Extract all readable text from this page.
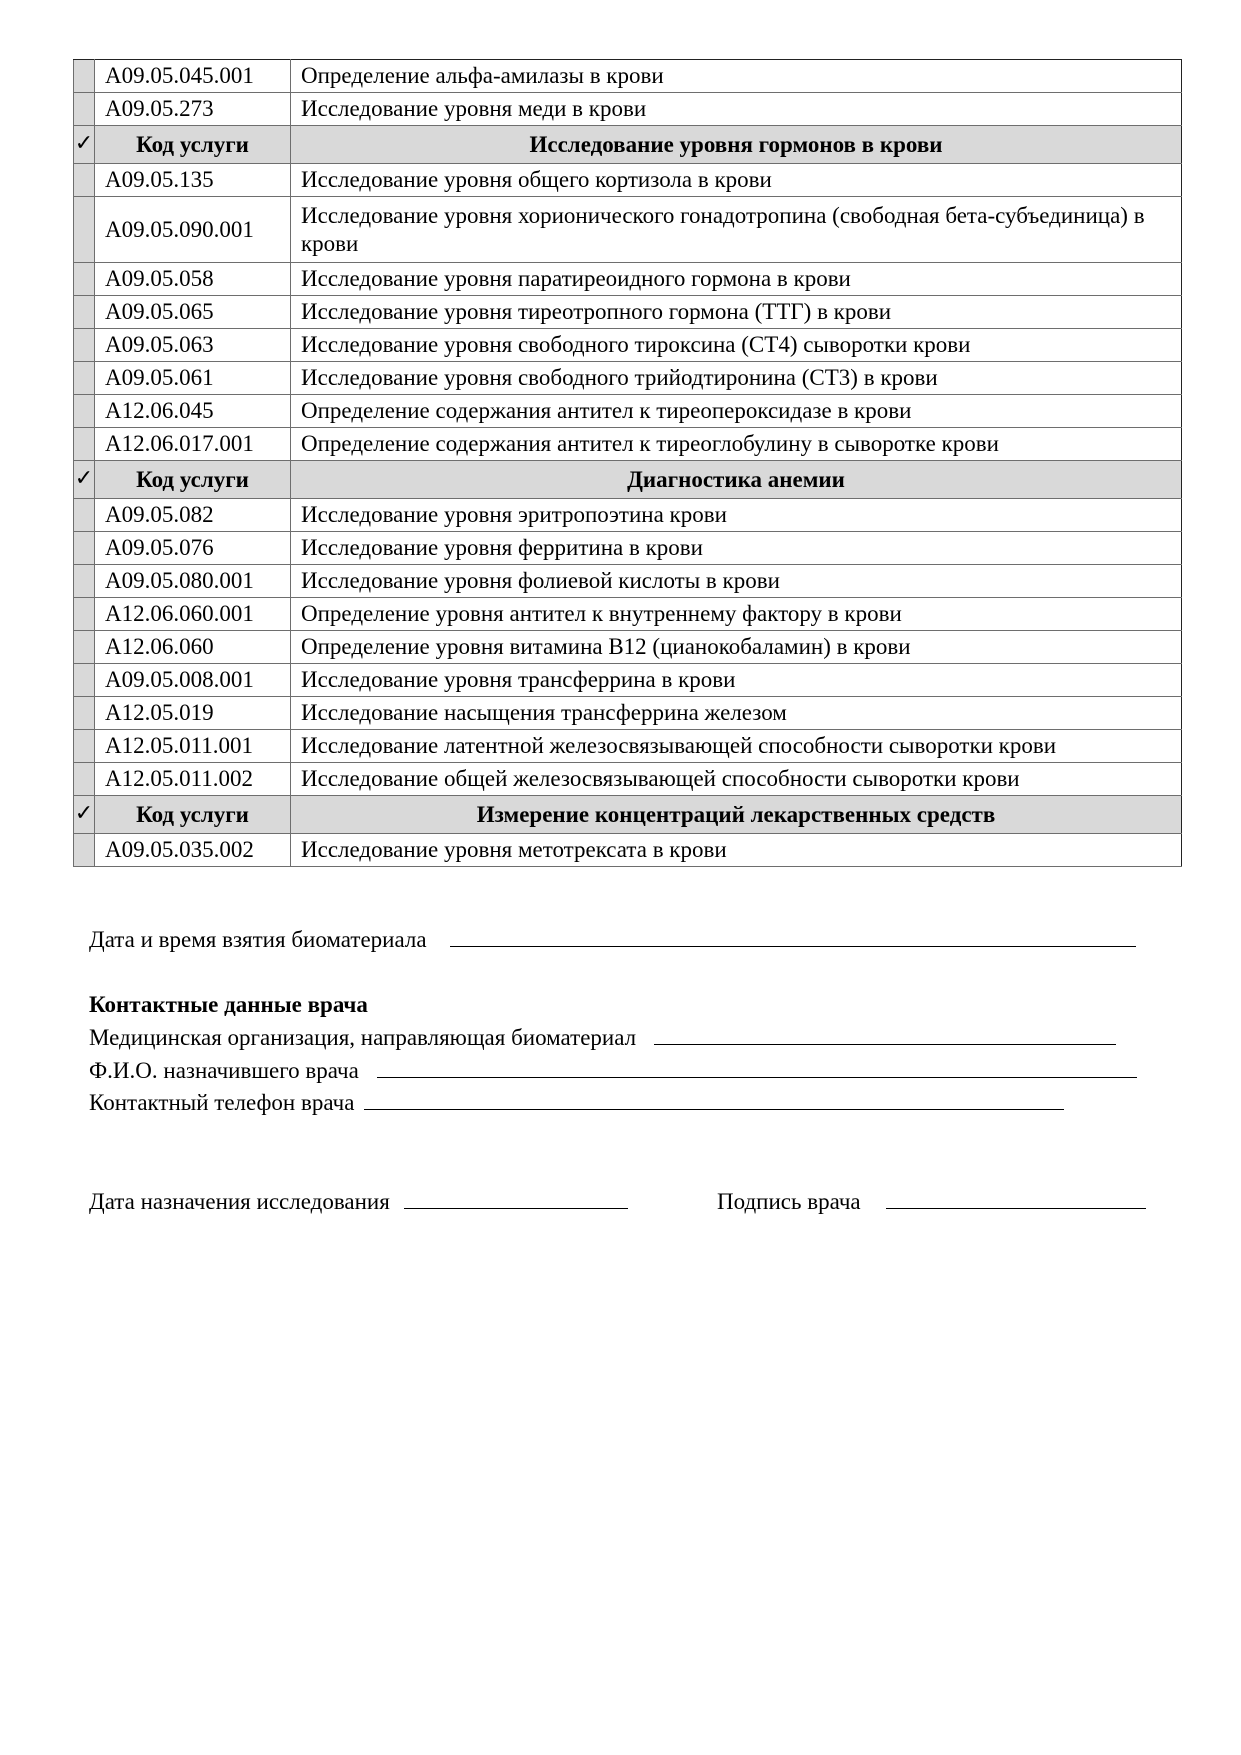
	A09.05.045.001	Определение альфа-амилазы в крови
	A09.05.273	Исследование уровня меди в крови
✓	Код услуги	Исследование уровня гормонов в крови
	A09.05.135	Исследование уровня общего кортизола в крови
	A09.05.090.001	Исследование уровня хорионического гонадотропина (свободная бета-субъединица) в крови
	A09.05.058	Исследование уровня паратиреоидного гормона в крови
	A09.05.065	Исследование уровня тиреотропного гормона (ТТГ) в крови
	A09.05.063	Исследование уровня свободного тироксина (СТ4) сыворотки крови
	A09.05.061	Исследование уровня свободного трийодтиронина (СТ3) в крови
	A12.06.045	Определение содержания антител к тиреопероксидазе в крови
	A12.06.017.001	Определение содержания антител к тиреоглобулину в сыворотке крови
✓	Код услуги	Диагностика анемии
	A09.05.082	Исследование уровня эритропоэтина крови
	A09.05.076	Исследование уровня ферритина в крови
	A09.05.080.001	Исследование уровня фолиевой кислоты в крови
	A12.06.060.001	Определение уровня антител к внутреннему фактору в крови
	A12.06.060	Определение уровня витамина B12 (цианокобаламин) в крови
	A09.05.008.001	Исследование уровня трансферрина в крови
	A12.05.019	Исследование насыщения трансферрина железом
	A12.05.011.001	Исследование латентной железосвязывающей способности сыворотки крови
	A12.05.011.002	Исследование общей железосвязывающей способности сыворотки крови
✓	Код услуги	Измерение концентраций лекарственных средств
	A09.05.035.002	Исследование уровня метотрексата в крови
Дата и время взятия биоматериала
Контактные данные врача
Медицинская организация, направляющая биоматериал
Ф.И.О. назначившего врача
Контактный телефон врача
Дата назначения исследования	Подпись врача
